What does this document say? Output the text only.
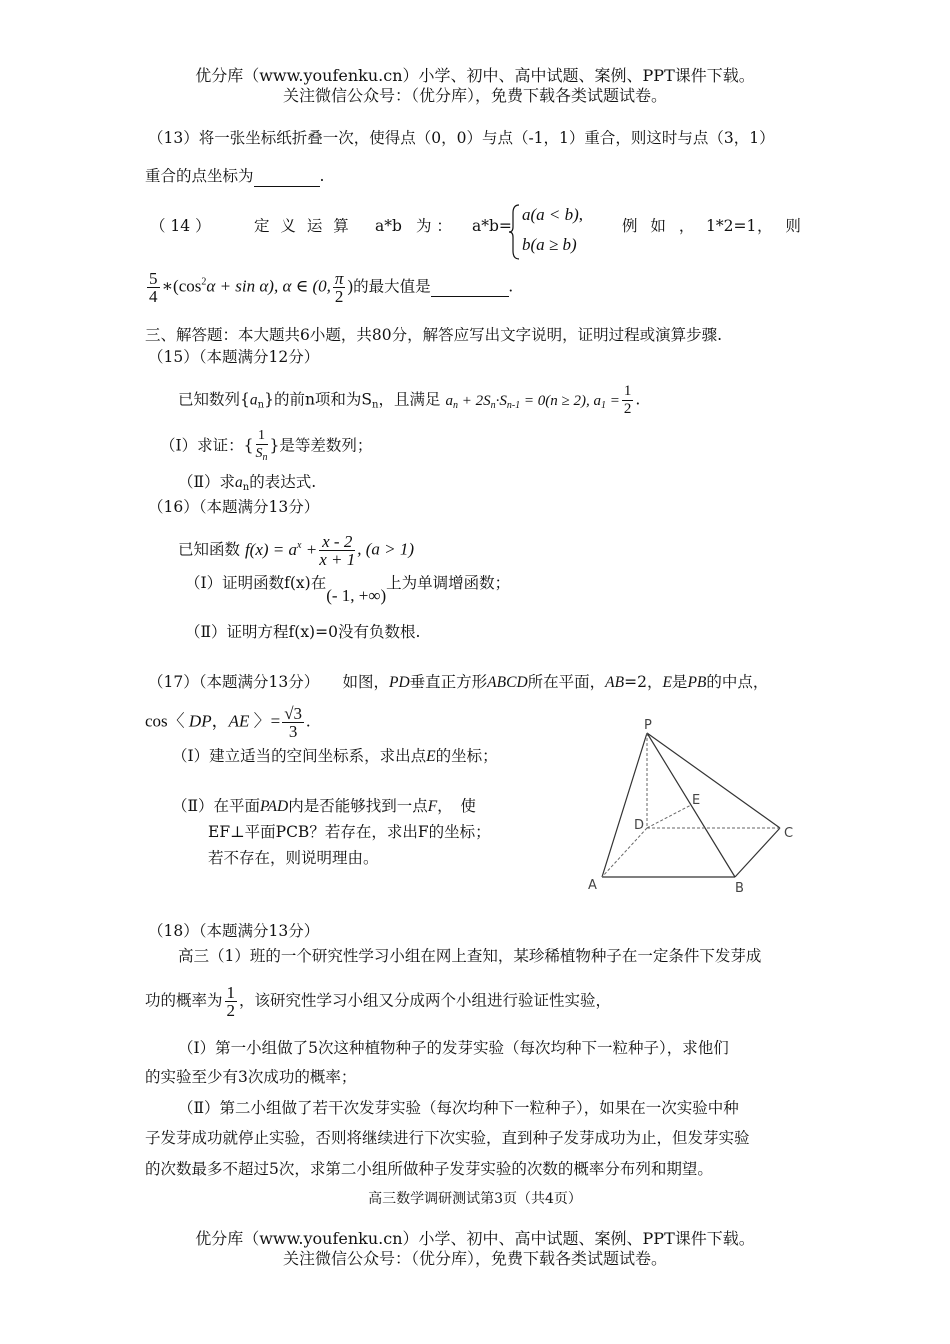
优分库（www.youfenku.cn）小学、初中、高中试题、案例、PPT课件下载。
关注微信公众号：（优分库），免费下载各类试题试卷。
（13）将一张坐标纸折叠一次，使得点（0，0）与点（-1，1）重合，则这时与点（3，1）
重合的点坐标为	.
（ 14 ）	定 义 运 算 a*b 为 ： a*b=
a(a < b),
b(a ≥ b)
例 如 ， 1*2=1 ， 则
$\frac{5}{4}$ $∗(\cos^2\alpha + \sin \alpha)$, α ∈ (0, $\frac{\pi}{2}$ )的最大值是	.
三、解答题：本大题共6小题，共80分，解答应写出文字说明，证明过程或演算步骤.
（15）（本题满分12分）
已知数列$\{a_n\}$的前n项和为$S_n$，且满足 $a_n + 2S_n\cdot S_{n-1} = 0(n \ge 2)$, $a_1 = \frac{1}{2}$ .
（Ⅰ）求证：{ $\frac{1}{S_n}$ }是等差数列；
（Ⅱ）求$a_n$的表达式.
（16）（本题满分13分）
已知函数 $f(x) = a^x + \frac{x - 2}{x + 1}$ , (a > 1)
（Ⅰ）证明函数f(x)在(- 1, +∞)上为单调增函数；
（Ⅱ）证明方程f(x)=0没有负数根.
（17）（本题满分13分）　　 如图，PD垂直正方形ABCD所在平面，AB=2，E是PB的中点，
cos〈 DP，AE 〉= $\frac{√3}{3}$ .
（Ⅰ）建立适当的空间坐标系，求出点E的坐标；
（Ⅱ）在平面PAD内是否能够找到一点F，　使
EF⊥平面PCB？若存在，求出F的坐标；
若不存在，则说明理由。
P
E
D
C
A	B
（18）（本题满分13分）
高三（1）班的一个研究性学习小组在网上查知，某珍稀植物种子在一定条件下发芽成
功的概率为 $\frac{1}{2}$ ，该研究性学习小组又分成两个小组进行验证性实验，
（Ⅰ）第一小组做了5次这种植物种子的发芽实验（每次均种下一粒种子），求他们
的实验至少有3次成功的概率；
（Ⅱ）第二小组做了若干次发芽实验（每次均种下一粒种子），如果在一次实验中种
子发芽成功就停止实验，否则将继续进行下次实验，直到种子发芽成功为止，但发芽实验
的次数最多不超过5次，求第二小组所做种子发芽实验的次数的概率分布列和期望。
高三数学调研测试第3页（共4页）
优分库（www.youfenku.cn）小学、初中、高中试题、案例、PPT课件下载。
关注微信公众号：（优分库），免费下载各类试题试卷。
